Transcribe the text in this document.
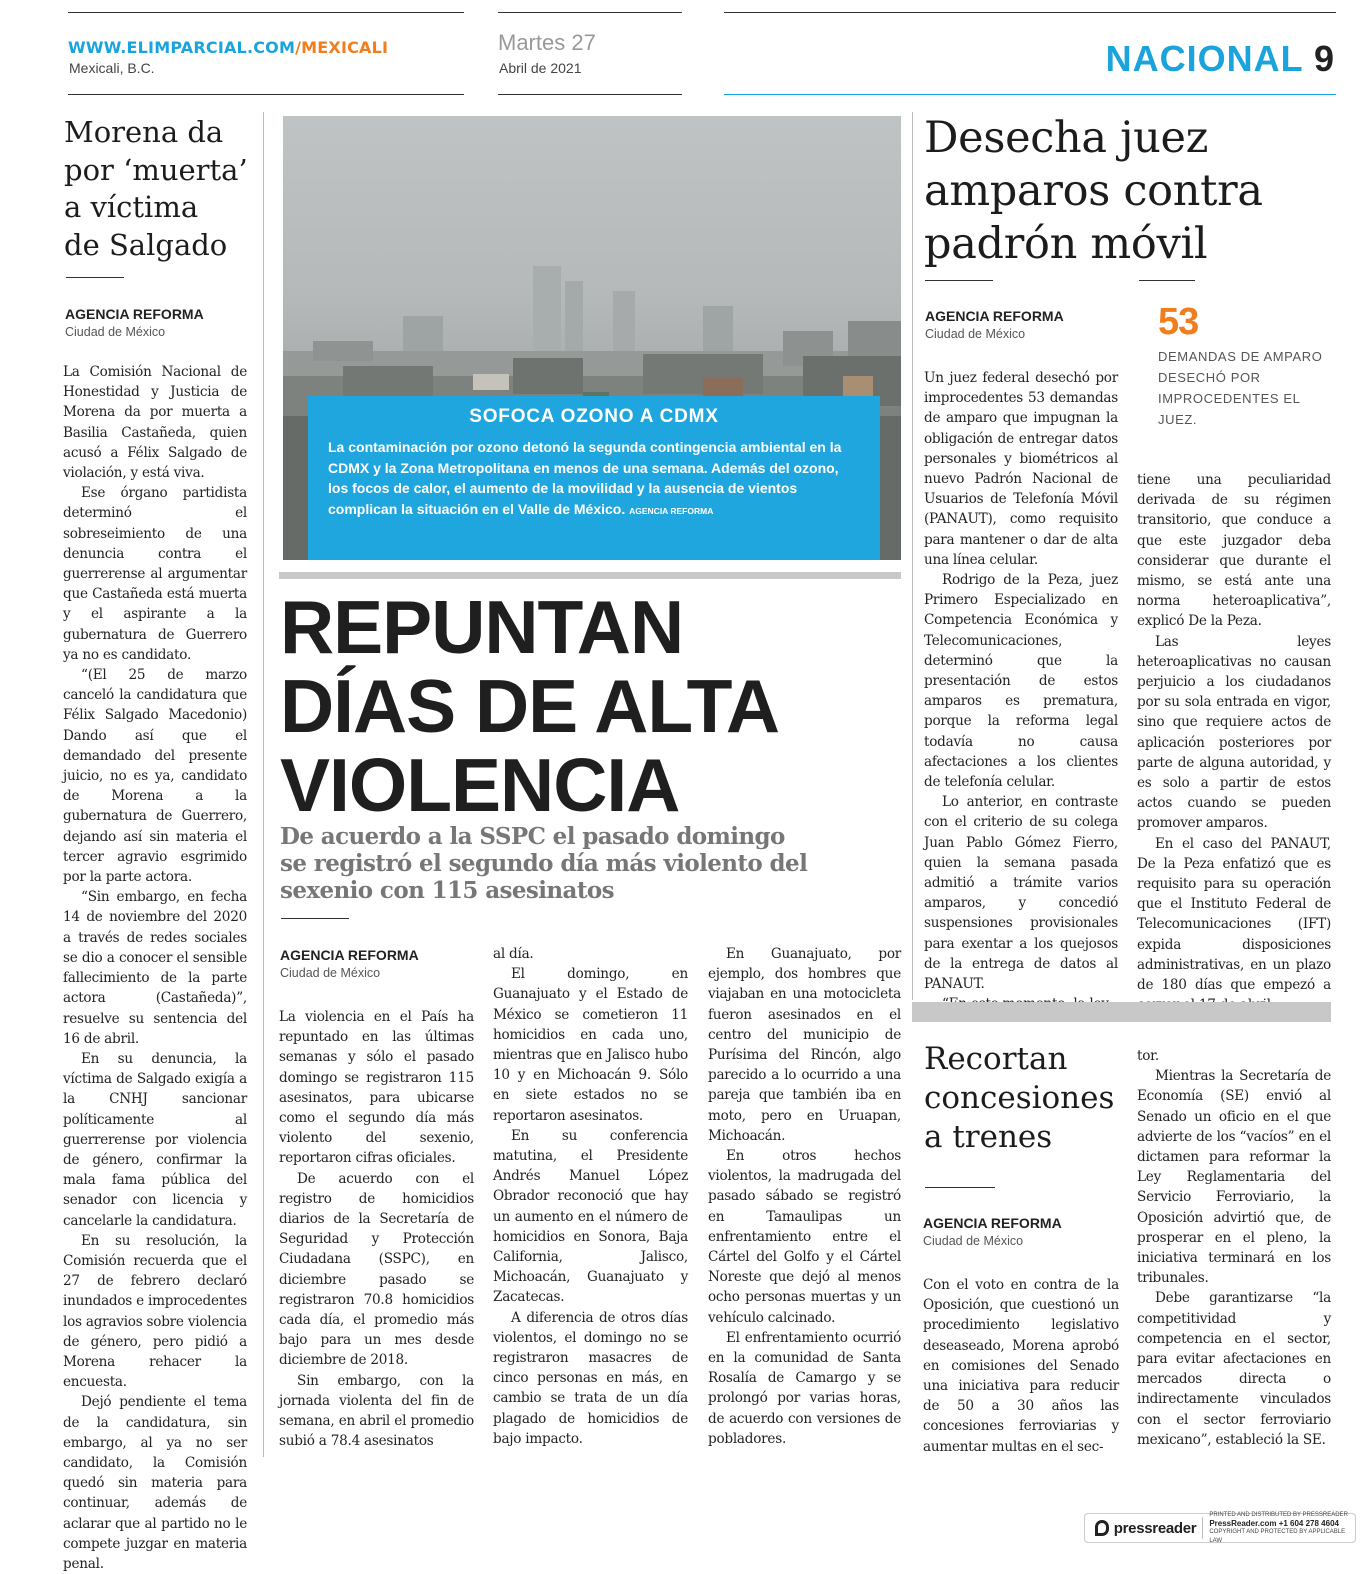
WWW.ELIMPARCIAL.COM/MEXICALI
Mexicali, B.C.
Martes 27
Abril de 2021	NACIONAL 9
Morena da
por ‘muerta’
a víctima
de Salgado
AGENCIA REFORMA
Ciudad de México

La Comisión Nacional de Honestidad y Justicia de Morena da por muerta a Basilia Castañeda, quien acusó a Félix Salgado de violación, y está viva.

Ese órgano partidista determinó el sobreseimiento de una denuncia contra el guerrerense al argumentar que Castañeda está muerta y el aspirante a la gubernatura de Guerrero ya no es candidato.

“(El 25 de marzo canceló la candidatura que Félix Salgado Macedonio) Dando así que el demandado del presente juicio, no es ya, candidato de Morena a la gubernatura de Guerrero, dejando así sin materia el tercer agravio esgrimido por la parte actora.

“Sin embargo, en fecha 14 de noviembre del 2020 a través de redes sociales se dio a conocer el sensible fallecimiento de la parte actora (Castañeda)”, resuelve su sentencia del 16 de abril.

En su denuncia, la víctima de Salgado exigía a la CNHJ sancionar políticamente al guerrerense por violencia de género, confirmar la mala fama pública del senador con licencia y cancelarle la candidatura.

En su resolución, la Comisión recuerda que el 27 de febrero declaró inundados e improcedentes los agravios sobre violencia de género, pero pidió a Morena rehacer la encuesta.

Dejó pendiente el tema de la candidatura, sin embargo, al ya no ser candidato, la Comisión quedó sin materia para continuar, además de aclarar que al partido no le compete juzgar en materia penal.

SOFOCA OZONO A CDMX
La contaminación por ozono detonó la segunda contingencia ambiental en la CDMX y la Zona Metropolitana en menos de una semana. Además del ozono, los focos de calor, el aumento de la movilidad y la ausencia de vientos complican la situación en el Valle de México. AGENCIA REFORMA
REPUNTAN
DÍAS DE ALTA
VIOLENCIA
De acuerdo a la SSPC el pasado domingo
se registró el segundo día más violento del
sexenio con 115 asesinatos
AGENCIA REFORMA
Ciudad de México

La violencia en el País ha repuntado en las últimas semanas y sólo el pasado domingo se registraron 115 asesinatos, para ubicarse como el segundo día más violento del sexenio, reportaron cifras oficiales.

De acuerdo con el registro de homicidios diarios de la Secretaría de Seguridad y Protección Ciudadana (SSPC), en diciembre pasado se registraron 70.8 homicidios cada día, el promedio más bajo para un mes desde diciembre de 2018.

Sin embargo, con la jornada violenta del fin de semana, en abril el promedio subió a 78.4 asesinatos

al día.

El domingo, en Guanajuato y el Estado de México se cometieron 11 homicidios en cada uno, mientras que en Jalisco hubo 10 y en Michoacán 9. Sólo en siete estados no se reportaron asesinatos.

En su conferencia matutina, el Presidente Andrés Manuel López Obrador reconoció que hay un aumento en el número de homicidios en Sonora, Baja California, Jalisco, Michoacán, Guanajuato y Zacatecas.

A diferencia de otros días violentos, el domingo no se registraron masacres de cinco personas en más, en cambio se trata de un día plagado de homicidios de bajo impacto.

En Guanajuato, por ejemplo, dos hombres que viajaban en una motocicleta fueron asesinados en el centro del municipio de Purísima del Rincón, algo parecido a lo ocurrido a una pareja que también iba en moto, pero en Uruapan, Michoacán.

En otros hechos violentos, la madrugada del pasado sábado se registró en Tamaulipas un enfrentamiento entre el Cártel del Golfo y el Cártel Noreste que dejó al menos ocho personas muertas y un vehículo calcinado.

El enfrentamiento ocurrió en la comunidad de Santa Rosalía de Camargo y se prolongó por varias horas, de acuerdo con versiones de pobladores.

Desecha juez
amparos contra
padrón móvil
AGENCIA REFORMA
Ciudad de México	53
DEMANDAS DE AMPARO
DESECHÓ POR
IMPROCEDENTES EL
JUEZ.

Un juez federal desechó por improcedentes 53 demandas de amparo que impugnan la obligación de entregar datos personales y biométricos al nuevo Padrón Nacional de Usuarios de Telefonía Móvil (PANAUT), como requisito para mantener o dar de alta una línea celular.

Rodrigo de la Peza, juez Primero Especializado en Competencia Económica y Telecomunicaciones, determinó que la presentación de estos amparos es prematura, porque la reforma legal todavía no causa afectaciones a los clientes de telefonía celular.

Lo anterior, en contraste con el criterio de su colega Juan Pablo Gómez Fierro, quien la semana pasada admitió a trámite varios amparos, y concedió suspensiones provisionales para exentar a los quejosos de la entrega de datos al PANAUT.

tiene una peculiaridad derivada de su régimen transitorio, que conduce a que este juzgador deba considerar que durante el mismo, se está ante una norma heteroaplicativa”, explicó De la Peza.

Las leyes heteroaplicativas no causan perjuicio a los ciudadanos por su sola entrada en vigor, sino que requiere actos de aplicación posteriores por parte de alguna autoridad, y es solo a partir de estos actos cuando se pueden promover amparos.

En el caso del PANAUT, De la Peza enfatizó que es requisito para su operación que el Instituto Federal de Telecomunicaciones (IFT) expida disposiciones administrativas, en un plazo de 180 días que empezó a

Recortan
concesiones
a trenes
AGENCIA REFORMA
Ciudad de México

Con el voto en contra de la Oposición, que cuestionó un procedimiento legislativo deseaseado, Morena aprobó en comisiones del Senado una iniciativa para reducir de 50 a 30 años las concesiones ferroviarias y aumentar multas en el sec-

tor.

Mientras la Secretaría de Economía (SE) envió al Senado un oficio en el que advierte de los “vacíos” en el dictamen para reformar la Ley Reglamentaria del Servicio Ferroviario, la Oposición advirtió que, de prosperar en el pleno, la iniciativa terminará en los tribunales.

Debe garantizarse “la competitividad y competencia en el sector, para evitar afectaciones en mercados directa o indirectamente vinculados con el sector ferroviario mexicano”, estableció la SE.

pressreader
PRINTED AND DISTRIBUTED BY PRESSREADER
PressReader.com +1 604 278 4604
COPYRIGHT AND PROTECTED BY APPLICABLE LAW
